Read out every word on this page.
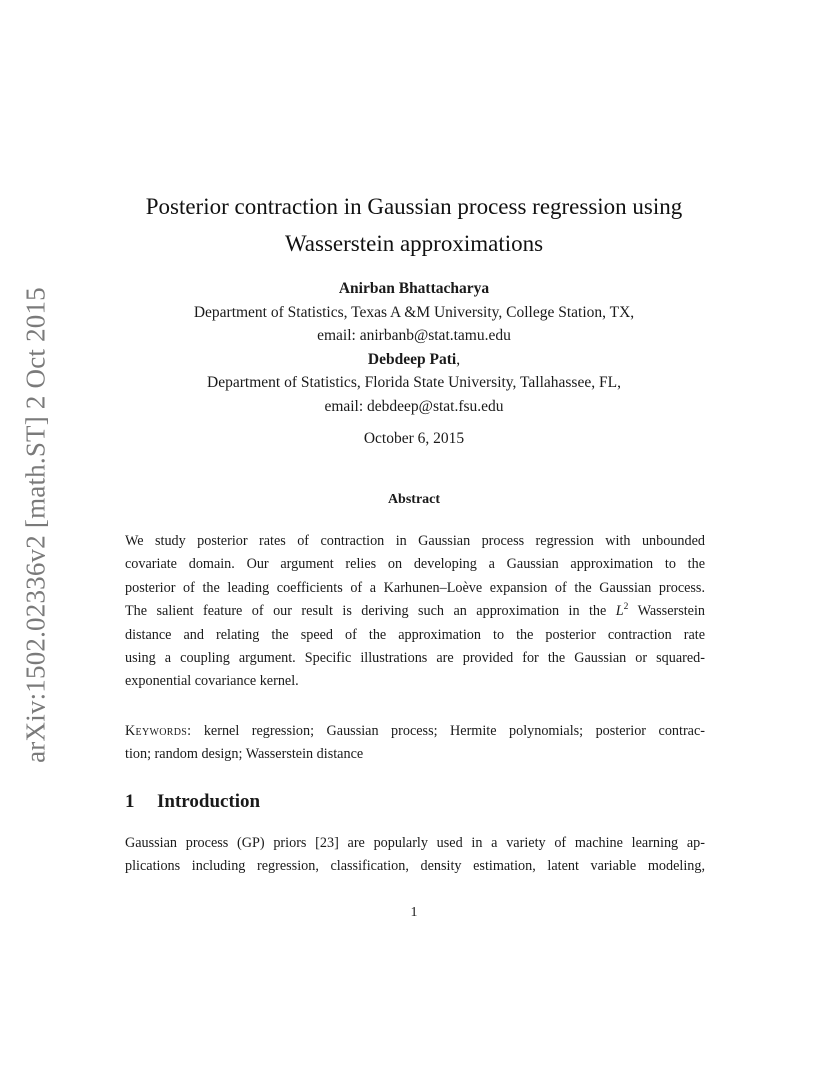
arXiv:1502.02336v2 [math.ST] 2 Oct 2015
Posterior contraction in Gaussian process regression using
Wasserstein approximations
Anirban Bhattacharya
Department of Statistics, Texas A &M University, College Station, TX,
email: anirbanb@stat.tamu.edu
Debdeep Pati,
Department of Statistics, Florida State University, Tallahassee, FL,
email: debdeep@stat.fsu.edu
October 6, 2015
Abstract
We study posterior rates of contraction in Gaussian process regression with unbounded
covariate domain. Our argument relies on developing a Gaussian approximation to the
posterior of the leading coefficients of a Karhunen–Loève expansion of the Gaussian process.
The salient feature of our result is deriving such an approximation in the $L^2$ Wasserstein
distance and relating the speed of the approximation to the posterior contraction rate
using a coupling argument. Specific illustrations are provided for the Gaussian or squared-
exponential covariance kernel.
Keywords: kernel regression; Gaussian process; Hermite polynomials; posterior contrac-
tion; random design; Wasserstein distance
1 Introduction
Gaussian process (GP) priors [23] are popularly used in a variety of machine learning ap-
plications including regression, classification, density estimation, latent variable modeling,
1
